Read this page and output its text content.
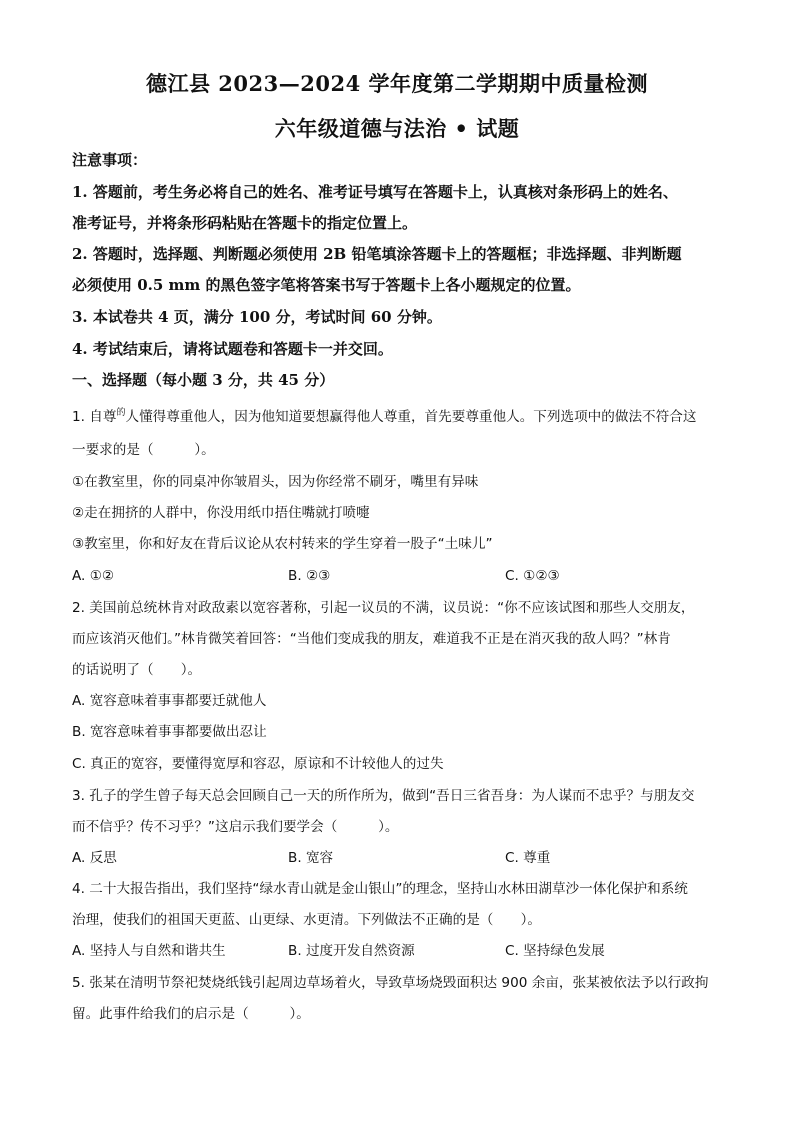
德江县 2023—2024 学年度第二学期期中质量检测
六年级道德与法治 • 试题
注意事项：
1. 答题前，考生务必将自己的姓名、准考证号填写在答题卡上，认真核对条形码上的姓名、
准考证号，并将条形码粘贴在答题卡的指定位置上。
2. 答题时，选择题、判断题必须使用 2B 铅笔填涂答题卡上的答题框；非选择题、非判断题
必须使用 0.5 mm 的黑色签字笔将答案书写于答题卡上各小题规定的位置。
3. 本试卷共 4 页，满分 100 分，考试时间 60 分钟。
4. 考试结束后，请将试题卷和答题卡一并交回。
一、选择题（每小题 3 分，共 45 分）
1. 自尊$^的$人懂得尊重他人，因为他知道要想赢得他人尊重，首先要尊重他人。下列选项中的做法不符合这
一要求的是（　　　）。
①在教室里，你的同桌冲你皱眉头，因为你经常不刷牙，嘴里有异味
②走在拥挤的人群中，你没用纸巾捂住嘴就打喷嚏
③教室里，你和好友在背后议论从农村转来的学生穿着一股子“土味儿”
A. ①②	B. ②③	C. ①②③
2. 美国前总统林肯对政敌素以宽容著称，引起一议员的不满，议员说：“你不应该试图和那些人交朋友，
而应该消灭他们。”林肯微笑着回答：“当他们变成我的朋友，难道我不正是在消灭我的敌人吗？”林肯
的话说明了（　　）。
A. 宽容意味着事事都要迁就他人
B. 宽容意味着事事都要做出忍让
C. 真正的宽容，要懂得宽厚和容忍，原谅和不计较他人的过失
3. 孔子的学生曾子每天总会回顾自己一天的所作所为，做到“吾日三省吾身：为人谋而不忠乎？与朋友交
而不信乎？传不习乎？”这启示我们要学会（　　　）。
A. 反思	B. 宽容	C. 尊重
4. 二十大报告指出，我们坚持“绿水青山就是金山银山”的理念，坚持山水林田湖草沙一体化保护和系统
治理，使我们的祖国天更蓝、山更绿、水更清。下列做法不正确的是（　　）。
A. 坚持人与自然和谐共生	B. 过度开发自然资源	C. 坚持绿色发展
5. 张某在清明节祭祀焚烧纸钱引起周边草场着火，导致草场烧毁面积达 900 余亩，张某被依法予以行政拘
留。此事件给我们的启示是（　　　）。
